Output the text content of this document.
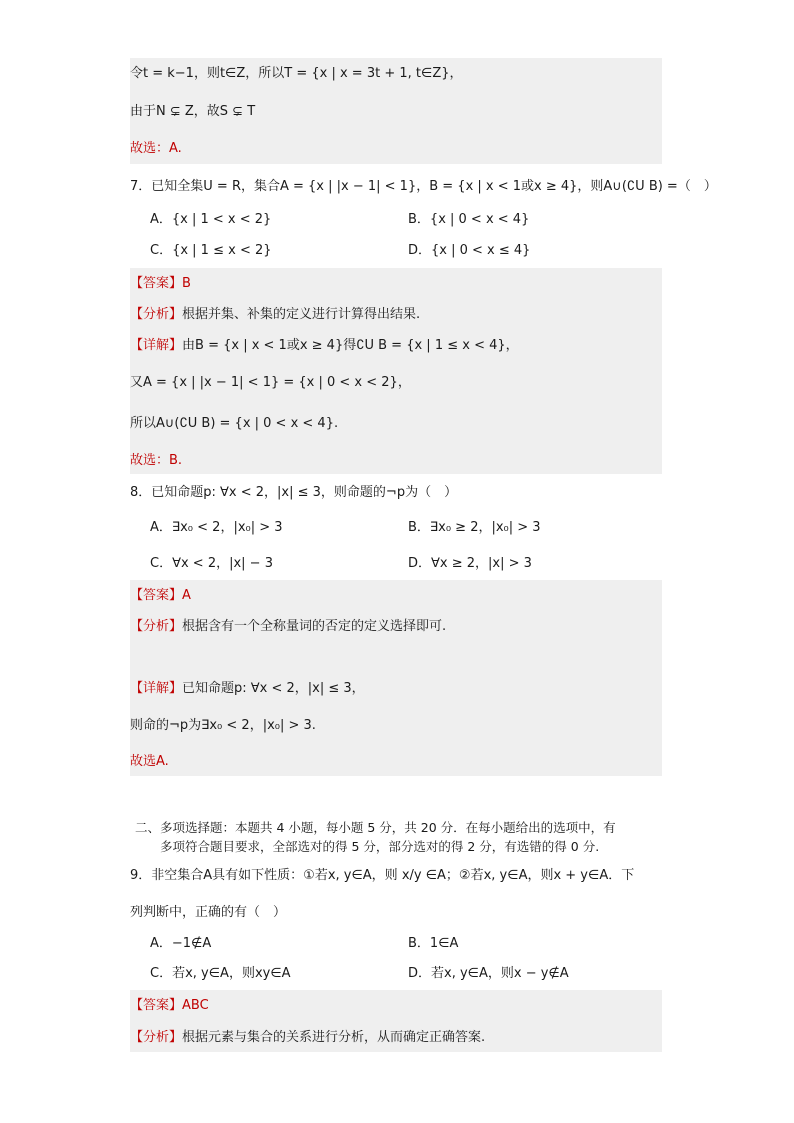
令t = k−1，则t∈Z，所以T = {x | x = 3t + 1, t∈Z}，
由于N ⊊ Z，故S ⊊ T
故选：A.
7．已知全集U = R，集合A = {x | |x − 1| < 1}，B = {x | x < 1或x ≥ 4}，则A∪(∁U B) =（　）
A．{x | 1 < x < 2}	B．{x | 0 < x < 4}
C．{x | 1 ≤ x < 2}	D．{x | 0 < x ≤ 4}
【答案】B
【分析】根据并集、补集的定义进行计算得出结果.
【详解】由B = {x | x < 1或x ≥ 4}得∁U B = {x | 1 ≤ x < 4}，
又A = {x | |x − 1| < 1} = {x | 0 < x < 2}，
所以A∪(∁U B) = {x | 0 < x < 4}.
故选：B.
8．已知命题p: ∀x < 2，|x| ≤ 3，则命题的¬p为（　）
A．∃x₀ < 2，|x₀| > 3	B．∃x₀ ≥ 2，|x₀| > 3
C．∀x < 2，|x| − 3	D．∀x ≥ 2，|x| > 3
【答案】A
【分析】根据含有一个全称量词的否定的定义选择即可.
【详解】已知命题p: ∀x < 2，|x| ≤ 3，
则命的¬p为∃x₀ < 2，|x₀| > 3.
故选A.
二、多项选择题：本题共 4 小题，每小题 5 分，共 20 分．在每小题给出的选项中，有
多项符合题目要求，全部选对的得 5 分，部分选对的得 2 分，有选错的得 0 分.
9．非空集合A具有如下性质：①若x, y∈A，则 x/y ∈A；②若x, y∈A，则x + y∈A．下
列判断中，正确的有（　）
A．−1∉A	B．1∈A
C．若x, y∈A，则xy∈A	D．若x, y∈A，则x − y∉A
【答案】ABC
【分析】根据元素与集合的关系进行分析，从而确定正确答案.
